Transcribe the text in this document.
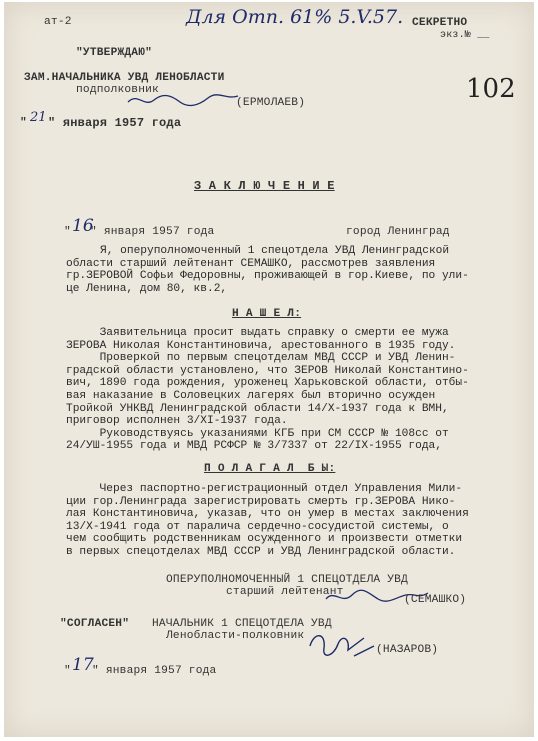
ат-2	Для Отп. 61% 5.V.57. СЕКРЕТНО
экз.№ __
102
"УТВЕРЖДАЮ"
ЗАМ.НАЧАЛЬНИКА УВД ЛЕНОБЛАСТИ
подполковник
(ЕРМОЛАЕВ)
" 21 " января 1957 года
З А К Л Ю Ч Е Н И Е
" 16
" января 1957 года	город Ленинград
Я, оперуполномоченный 1 спецотдела УВД Ленинградской
области старший лейтенант СЕМАШКО, рассмотрев заявления
гр.ЗЕРОВОЙ Софьи Федоровны, проживающей в гор.Киеве, по ули-
це Ленина, дом 80, кв.2,
Н А Ш Е Л:
Заявительница просит выдать справку о смерти ее мужа
ЗЕРОВА Николая Константиновича, арестованного в 1935 году.
Проверкой по первым спецотделам МВД СССР и УВД Ленин-
градской области установлено, что ЗЕРОВ Николай Константино-
вич, 1890 года рождения, уроженец Харьковской области, отбы-
вая наказание в Соловецких лагерях был вторично осужден
Тройкой УНКВД Ленинградской области 14/Х-1937 года к ВМН,
приговор исполнен 3/ХI-1937 года.
Руководствуясь указаниями КГБ при СМ СССР № 108сс от
24/УШ-1955 года и МВД РСФСР № 3/7337 от 22/IX-1955 года,
П О Л А Г А Л  Б Ы:
Через паспортно-регистрационный отдел Управления Мили-
ции гор.Ленинграда зарегистрировать смерть гр.ЗЕРОВА Нико-
лая Константиновича, указав, что он умер в местах заключения
13/Х-1941 года от паралича сердечно-сосудистой системы, о
чем сообщить родственникам осужденного и произвести отметки
в первых спецотделах МВД СССР и УВД Ленинградской области.
ОПЕРУПОЛНОМОЧЕННЫЙ 1 СПЕЦОТДЕЛА УВД
старший лейтенант
(СЕМАШКО)
"СОГЛАСЕН" НАЧАЛЬНИК 1 СПЕЦОТДЕЛА УВД
Ленобласти-полковник
(НАЗАРОВ)
" 17
" января 1957 года
